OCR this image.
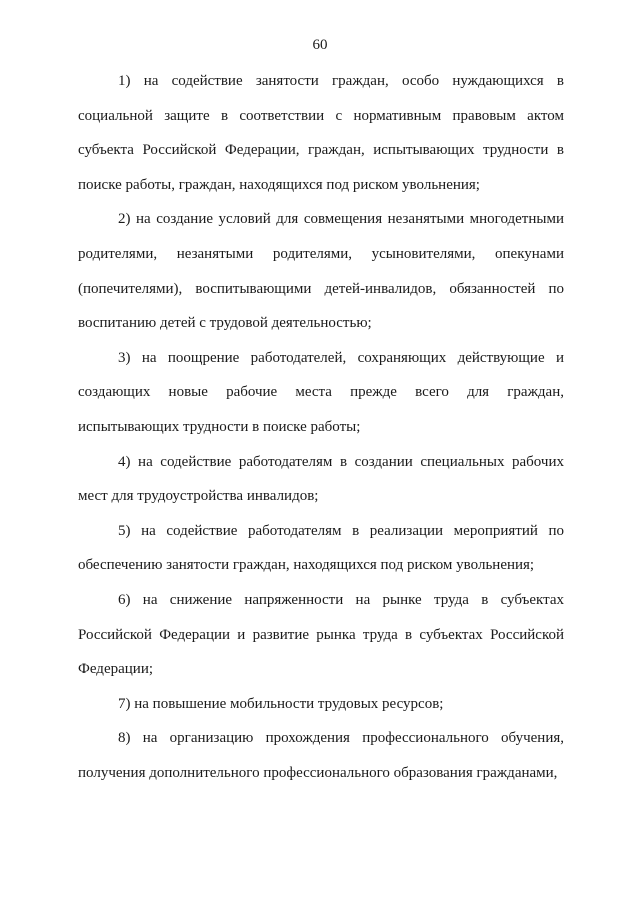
60

1) на содействие занятости граждан, особо нуждающихся в социальной защите в соответствии с нормативным правовым актом субъекта Российской Федерации, граждан, испытывающих трудности в поиске работы, граждан, находящихся под риском увольнения;

2) на создание условий для совмещения незанятыми многодетными родителями, незанятыми родителями, усыновителями, опекунами (попечителями), воспитывающими детей-инвалидов, обязанностей по воспитанию детей с трудовой деятельностью;

3) на поощрение работодателей, сохраняющих действующие и создающих новые рабочие места прежде всего для граждан, испытывающих трудности в поиске работы;

4) на содействие работодателям в создании специальных рабочих мест для трудоустройства инвалидов;

5) на содействие работодателям в реализации мероприятий по обеспечению занятости граждан, находящихся под риском увольнения;

6) на снижение напряженности на рынке труда в субъектах Российской Федерации и развитие рынка труда в субъектах Российской Федерации;

7) на повышение мобильности трудовых ресурсов;

8) на организацию прохождения профессионального обучения, получения дополнительного профессионального образования гражданами,
